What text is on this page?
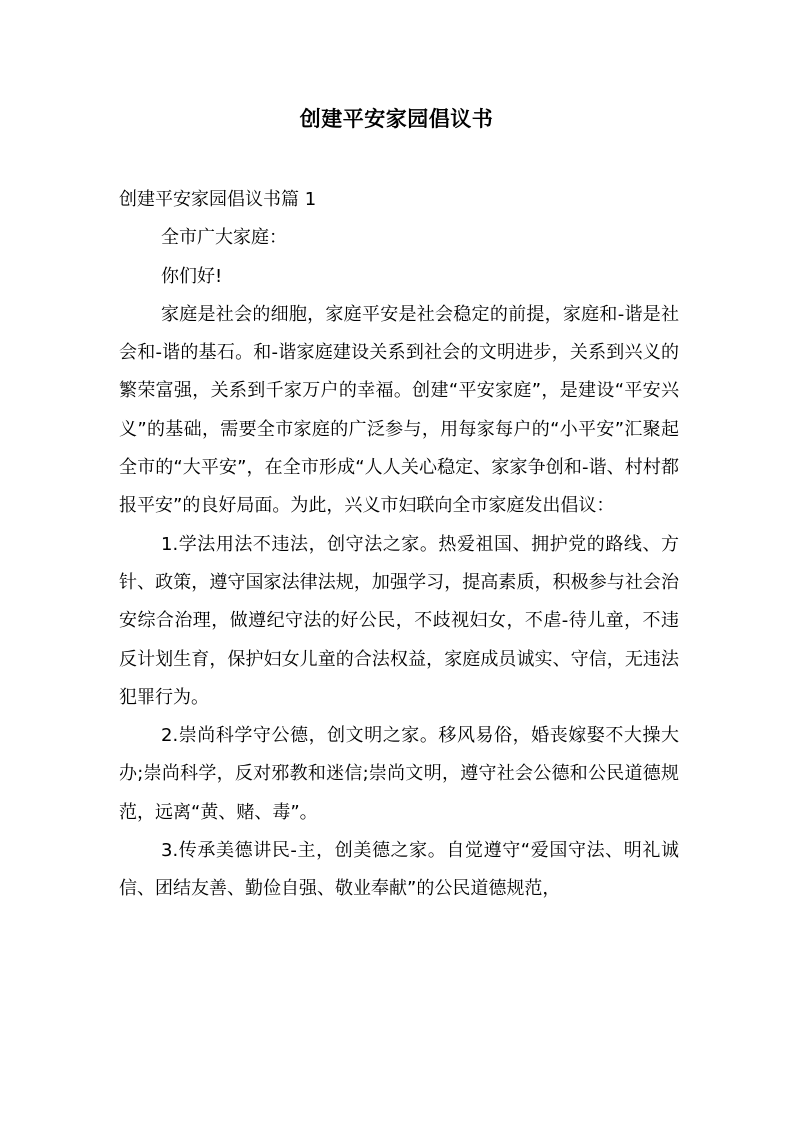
创建平安家园倡议书

创建平安家园倡议书篇 1

全市广大家庭：

你们好!

家庭是社会的细胞，家庭平安是社会稳定的前提，家庭和-谐是社会和-谐的基石。和-谐家庭建设关系到社会的文明进步，关系到兴义的繁荣富强，关系到千家万户的幸福。创建“平安家庭”，是建设“平安兴义”的基础，需要全市家庭的广泛参与，用每家每户的“小平安”汇聚起全市的“大平安”，在全市形成“人人关心稳定、家家争创和-谐、村村都报平安”的良好局面。为此，兴义市妇联向全市家庭发出倡议：

1.学法用法不违法，创守法之家。热爱祖国、拥护党的路线、方针、政策，遵守国家法律法规，加强学习，提高素质，积极参与社会治安综合治理，做遵纪守法的好公民，不歧视妇女，不虐-待儿童，不违反计划生育，保护妇女儿童的合法权益，家庭成员诚实、守信，无违法犯罪行为。

2.崇尚科学守公德，创文明之家。移风易俗，婚丧嫁娶不大操大办;崇尚科学，反对邪教和迷信;崇尚文明，遵守社会公德和公民道德规范，远离“黄、赌、毒”。

3.传承美德讲民-主，创美德之家。自觉遵守“爱国守法、明礼诚信、团结友善、勤俭自强、敬业奉献”的公民道德规范，
